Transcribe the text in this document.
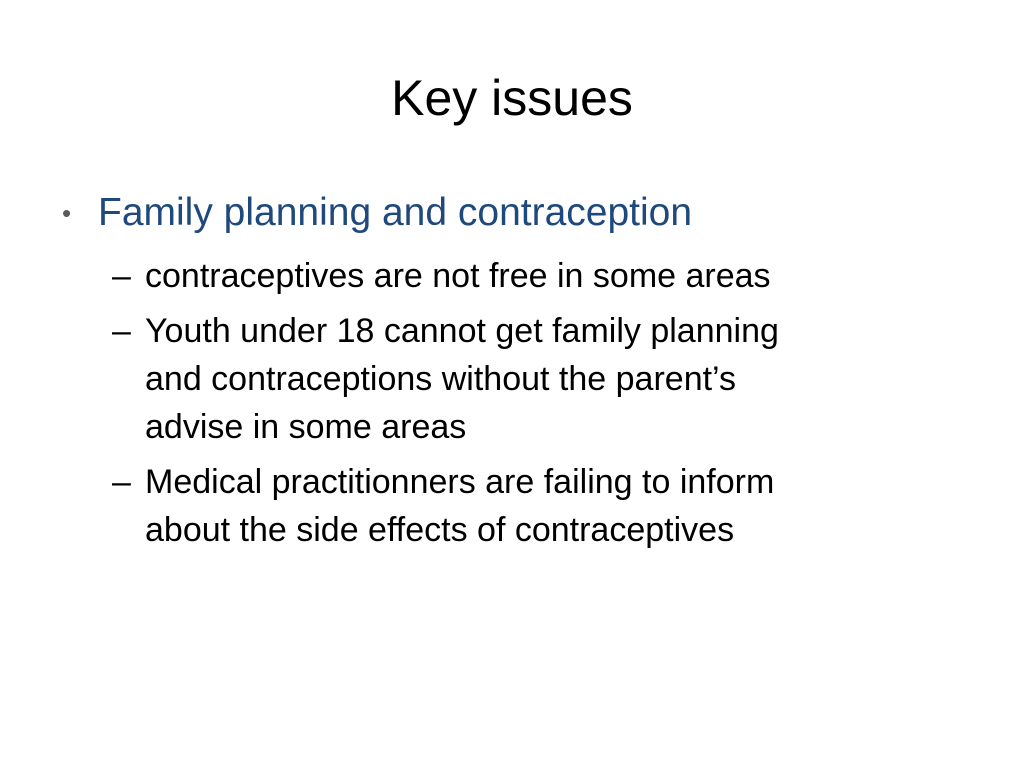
Key issues
• Family planning and contraception
– contraceptives are not free in some areas
– Youth under 18 cannot get family planning
and contraceptions without the parent’s
advise in some areas
– Medical practitionners are failing to inform
about the side effects of contraceptives
